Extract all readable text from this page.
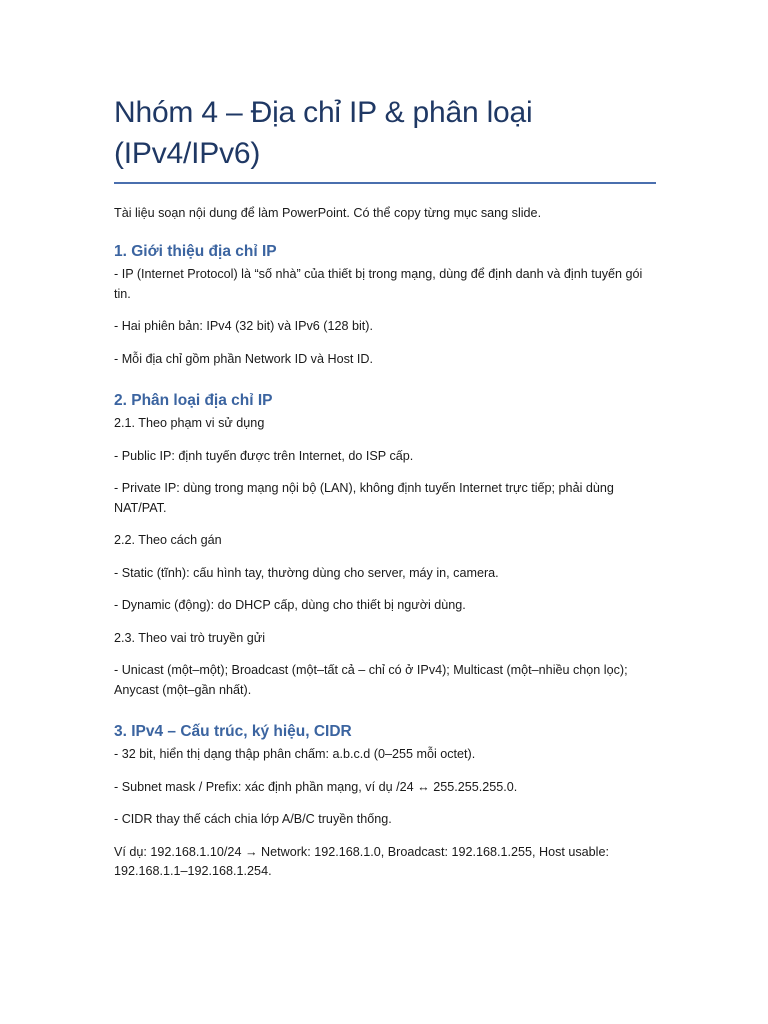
Nhóm 4 – Địa chỉ IP & phân loại
(IPv4/IPv6)

Tài liệu soạn nội dung để làm PowerPoint. Có thể copy từng mục sang slide.

1. Giới thiệu địa chỉ IP

- IP (Internet Protocol) là “số nhà” của thiết bị trong mạng, dùng để định danh và định tuyến gói tin.

- Hai phiên bản: IPv4 (32 bit) và IPv6 (128 bit).

- Mỗi địa chỉ gồm phần Network ID và Host ID.

2. Phân loại địa chỉ IP

2.1. Theo phạm vi sử dụng

- Public IP: định tuyến được trên Internet, do ISP cấp.

- Private IP: dùng trong mạng nội bộ (LAN), không định tuyến Internet trực tiếp; phải dùng NAT/PAT.

2.2. Theo cách gán

- Static (tĩnh): cấu hình tay, thường dùng cho server, máy in, camera.

- Dynamic (động): do DHCP cấp, dùng cho thiết bị người dùng.

2.3. Theo vai trò truyền gửi

- Unicast (một–một); Broadcast (một–tất cả – chỉ có ở IPv4); Multicast (một–nhiều chọn lọc); Anycast (một–gần nhất).

3. IPv4 – Cấu trúc, ký hiệu, CIDR

- 32 bit, hiển thị dạng thập phân chấm: a.b.c.d (0–255 mỗi octet).

- Subnet mask / Prefix: xác định phần mạng, ví dụ /24 ↔ 255.255.255.0.

- CIDR thay thế cách chia lớp A/B/C truyền thống.

Ví dụ: 192.168.1.10/24 → Network: 192.168.1.0, Broadcast: 192.168.1.255, Host usable: 192.168.1.1–192.168.1.254.
